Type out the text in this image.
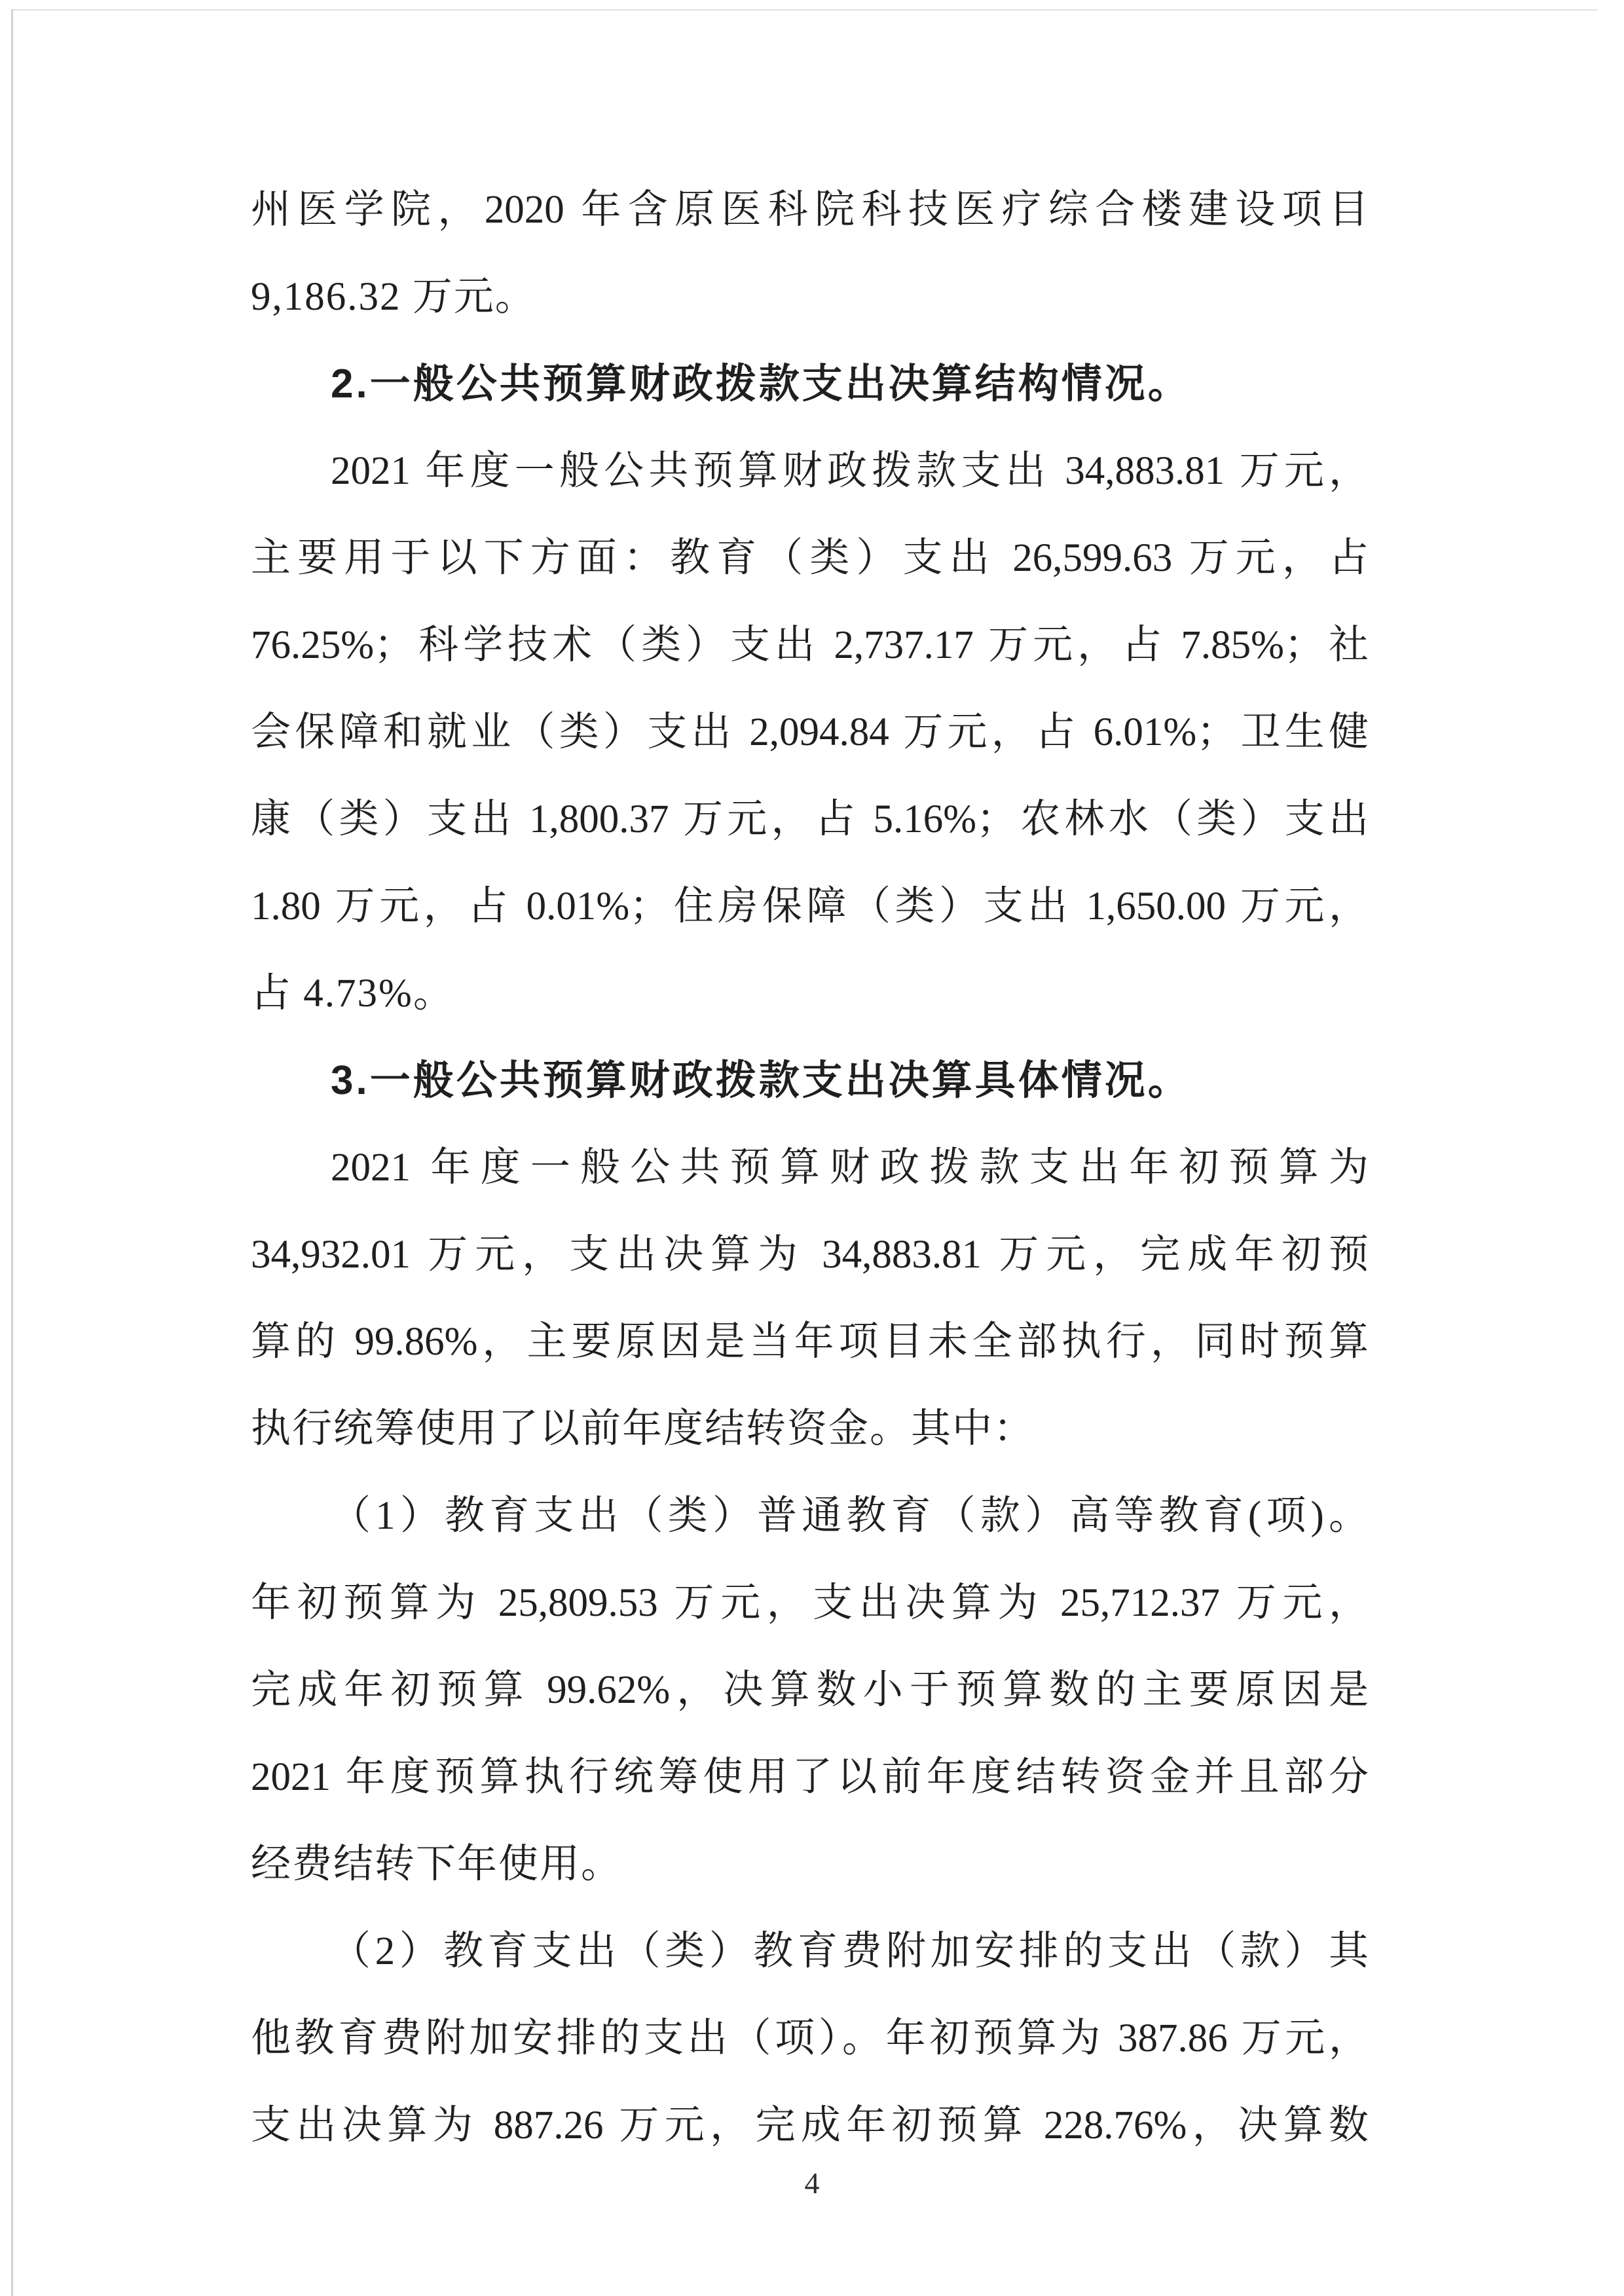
州医学院，2020 年含原医科院科技医疗综合楼建设项目
9,186.32 万元。
2.一般公共预算财政拨款支出决算结构情况。
2021 年度一般公共预算财政拨款支出 34,883.81 万元，
主要用于以下方面：教育（类）支出 26,599.63 万元，占
76.25%；科学技术（类）支出 2,737.17 万元，占 7.85%；社
会保障和就业（类）支出 2,094.84 万元，占 6.01%；卫生健
康（类）支出 1,800.37 万元，占 5.16%；农林水（类）支出
1.80 万元，占 0.01%；住房保障（类）支出 1,650.00 万元，
占 4.73%。
3.一般公共预算财政拨款支出决算具体情况。
2021 年度一般公共预算财政拨款支出年初预算为
34,932.01 万元，支出决算为 34,883.81 万元，完成年初预
算的 99.86%，主要原因是当年项目未全部执行，同时预算
执行统筹使用了以前年度结转资金。其中：
（1）教育支出（类）普通教育（款）高等教育(项)。
年初预算为 25,809.53 万元，支出决算为 25,712.37 万元，
完成年初预算 99.62%，决算数小于预算数的主要原因是
2021 年度预算执行统筹使用了以前年度结转资金并且部分
经费结转下年使用。
（2）教育支出（类）教育费附加安排的支出（款）其
他教育费附加安排的支出（项）。年初预算为 387.86 万元，
支出决算为 887.26 万元，完成年初预算 228.76%，决算数
4
